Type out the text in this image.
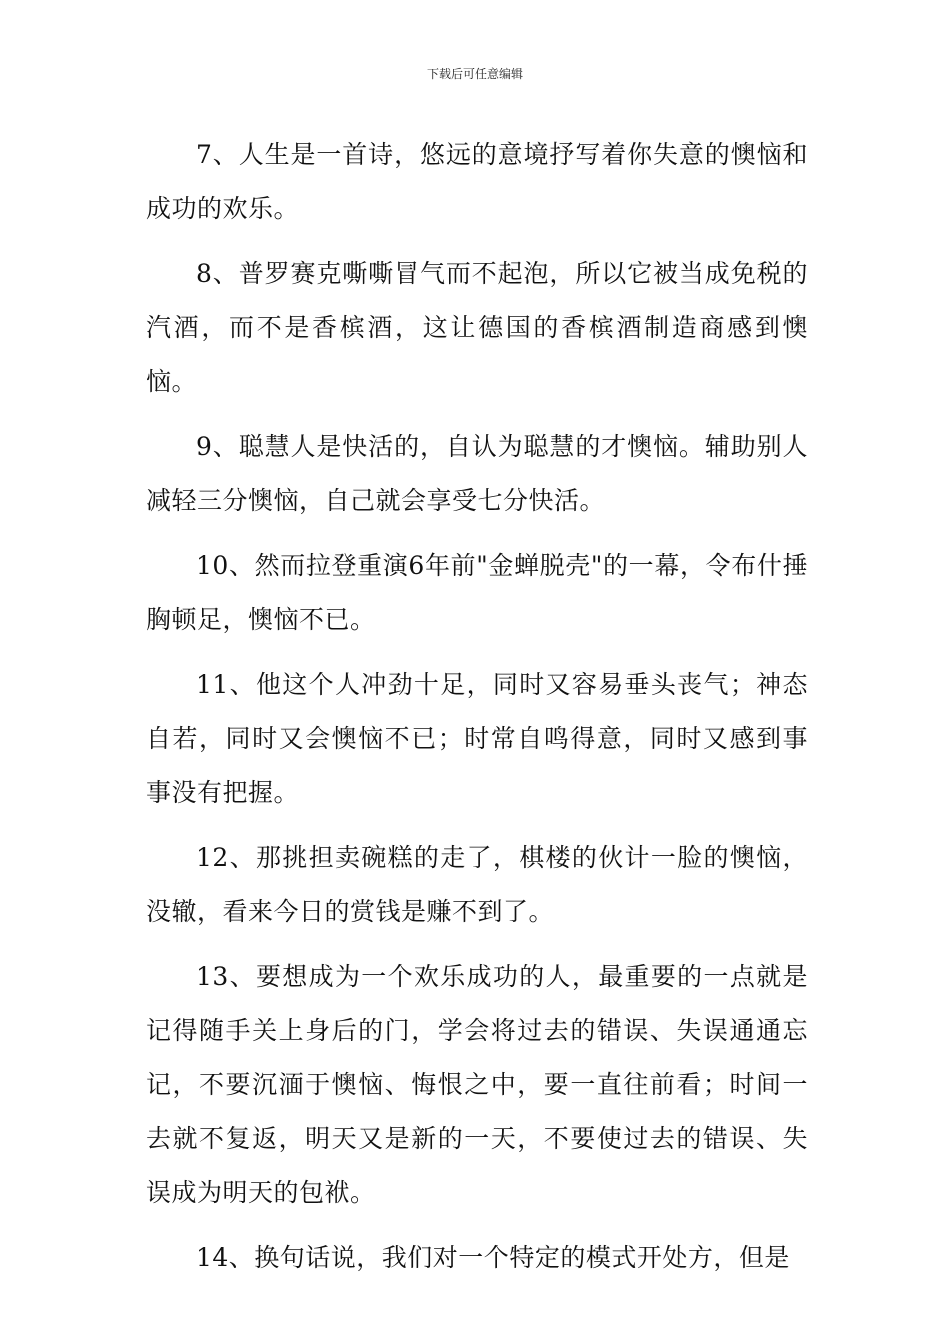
下载后可任意编辑

7、人生是一首诗，悠远的意境抒写着你失意的懊恼和成功的欢乐。

8、普罗赛克嘶嘶冒气而不起泡，所以它被当成免税的汽酒，而不是香槟酒，这让德国的香槟酒制造商感到懊恼。

9、聪慧人是快活的，自认为聪慧的才懊恼。辅助别人减轻三分懊恼，自己就会享受七分快活。

10、然而拉登重演6年前"金蝉脱壳"的一幕，令布什捶胸顿足，懊恼不已。

11、他这个人冲劲十足，同时又容易垂头丧气；神态自若，同时又会懊恼不已；时常自鸣得意，同时又感到事事没有把握。

12、那挑担卖碗糕的走了，棋楼的伙计一脸的懊恼，没辙，看来今日的赏钱是赚不到了。

13、要想成为一个欢乐成功的人，最重要的一点就是记得随手关上身后的门，学会将过去的错误、失误通通忘记，不要沉湎于懊恼、悔恨之中，要一直往前看；时间一去就不复返，明天又是新的一天，不要使过去的错误、失误成为明天的包袱。

14、换句话说，我们对一个特定的模式开处方，但是
